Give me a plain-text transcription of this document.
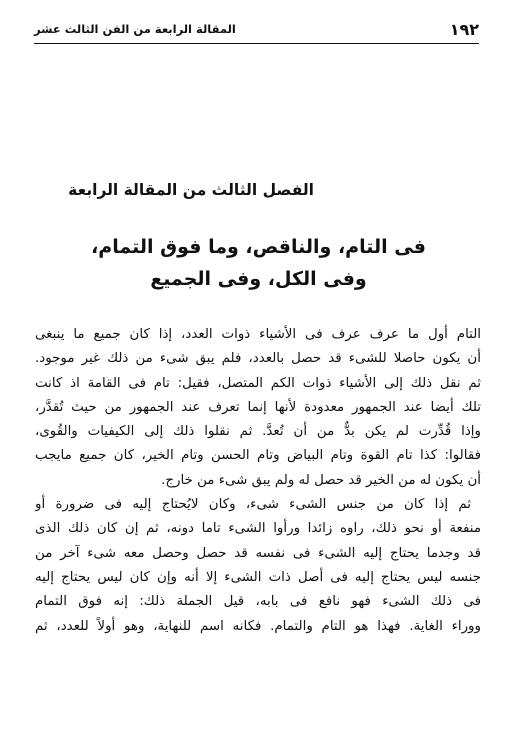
١٩٢
المقالة الرابعة من الفن الثالث عشر
الفصل الثالث من المقالة الرابعة
فى التام، والناقص، وما فوق التمام،
وفى الكل، وفى الجميع
التام أول ما عرف عرف فى الأشياء ذوات العدد، إذا كان جميع ما ينبغى
أن يكون حاصلا للشىء قد حصل بالعدد، فلم يبق شىء من ذلك غير موجود.
ثم نقل ذلك إلى الأشياء ذوات الكم المتصل، فقيل: تام فى القامة اذ كانت
تلك أيضا عند الجمهور معدودة لأنها إنما تعرف عند الجمهور من حيث تُقدَّر،
وإذا قُدِّرت لم يكن بدٌّ من أن تُعدَّ. ثم نقلوا ذلك إلى الكيفيات والقُوى،
فقالوا: كذا تام القوة وتام البياض وتام الحسن وتام الخير، كان جميع مايجب
أن يكون له من الخير قد حصل له ولم يبق شىء من خارج.
ثم إذا كان من جنس الشىء شىء، وكان لايُحتاج إليه فى ضرورة أو
منفعة أو نحو ذلك، راوه زائدا ورأوا الشىء تاما دونه، ثم إن كان ذلك الذى
قد وجدما يحتاج إليه الشىء فى نفسه قد حصل وحصل معه شىء آخر من
جنسه ليس يحتاج إليه فى أصل ذات الشىء إلا أنه وإن كان ليس يحتاج إليه
فى ذلك الشىء فهو نافع فى بابه، قيل الجملة ذلك: إنه فوق التمام
ووراء الغاية. فهذا هو التام والتمام. فكانه اسم للنهاية، وهو أولاً للعدد، ثم
